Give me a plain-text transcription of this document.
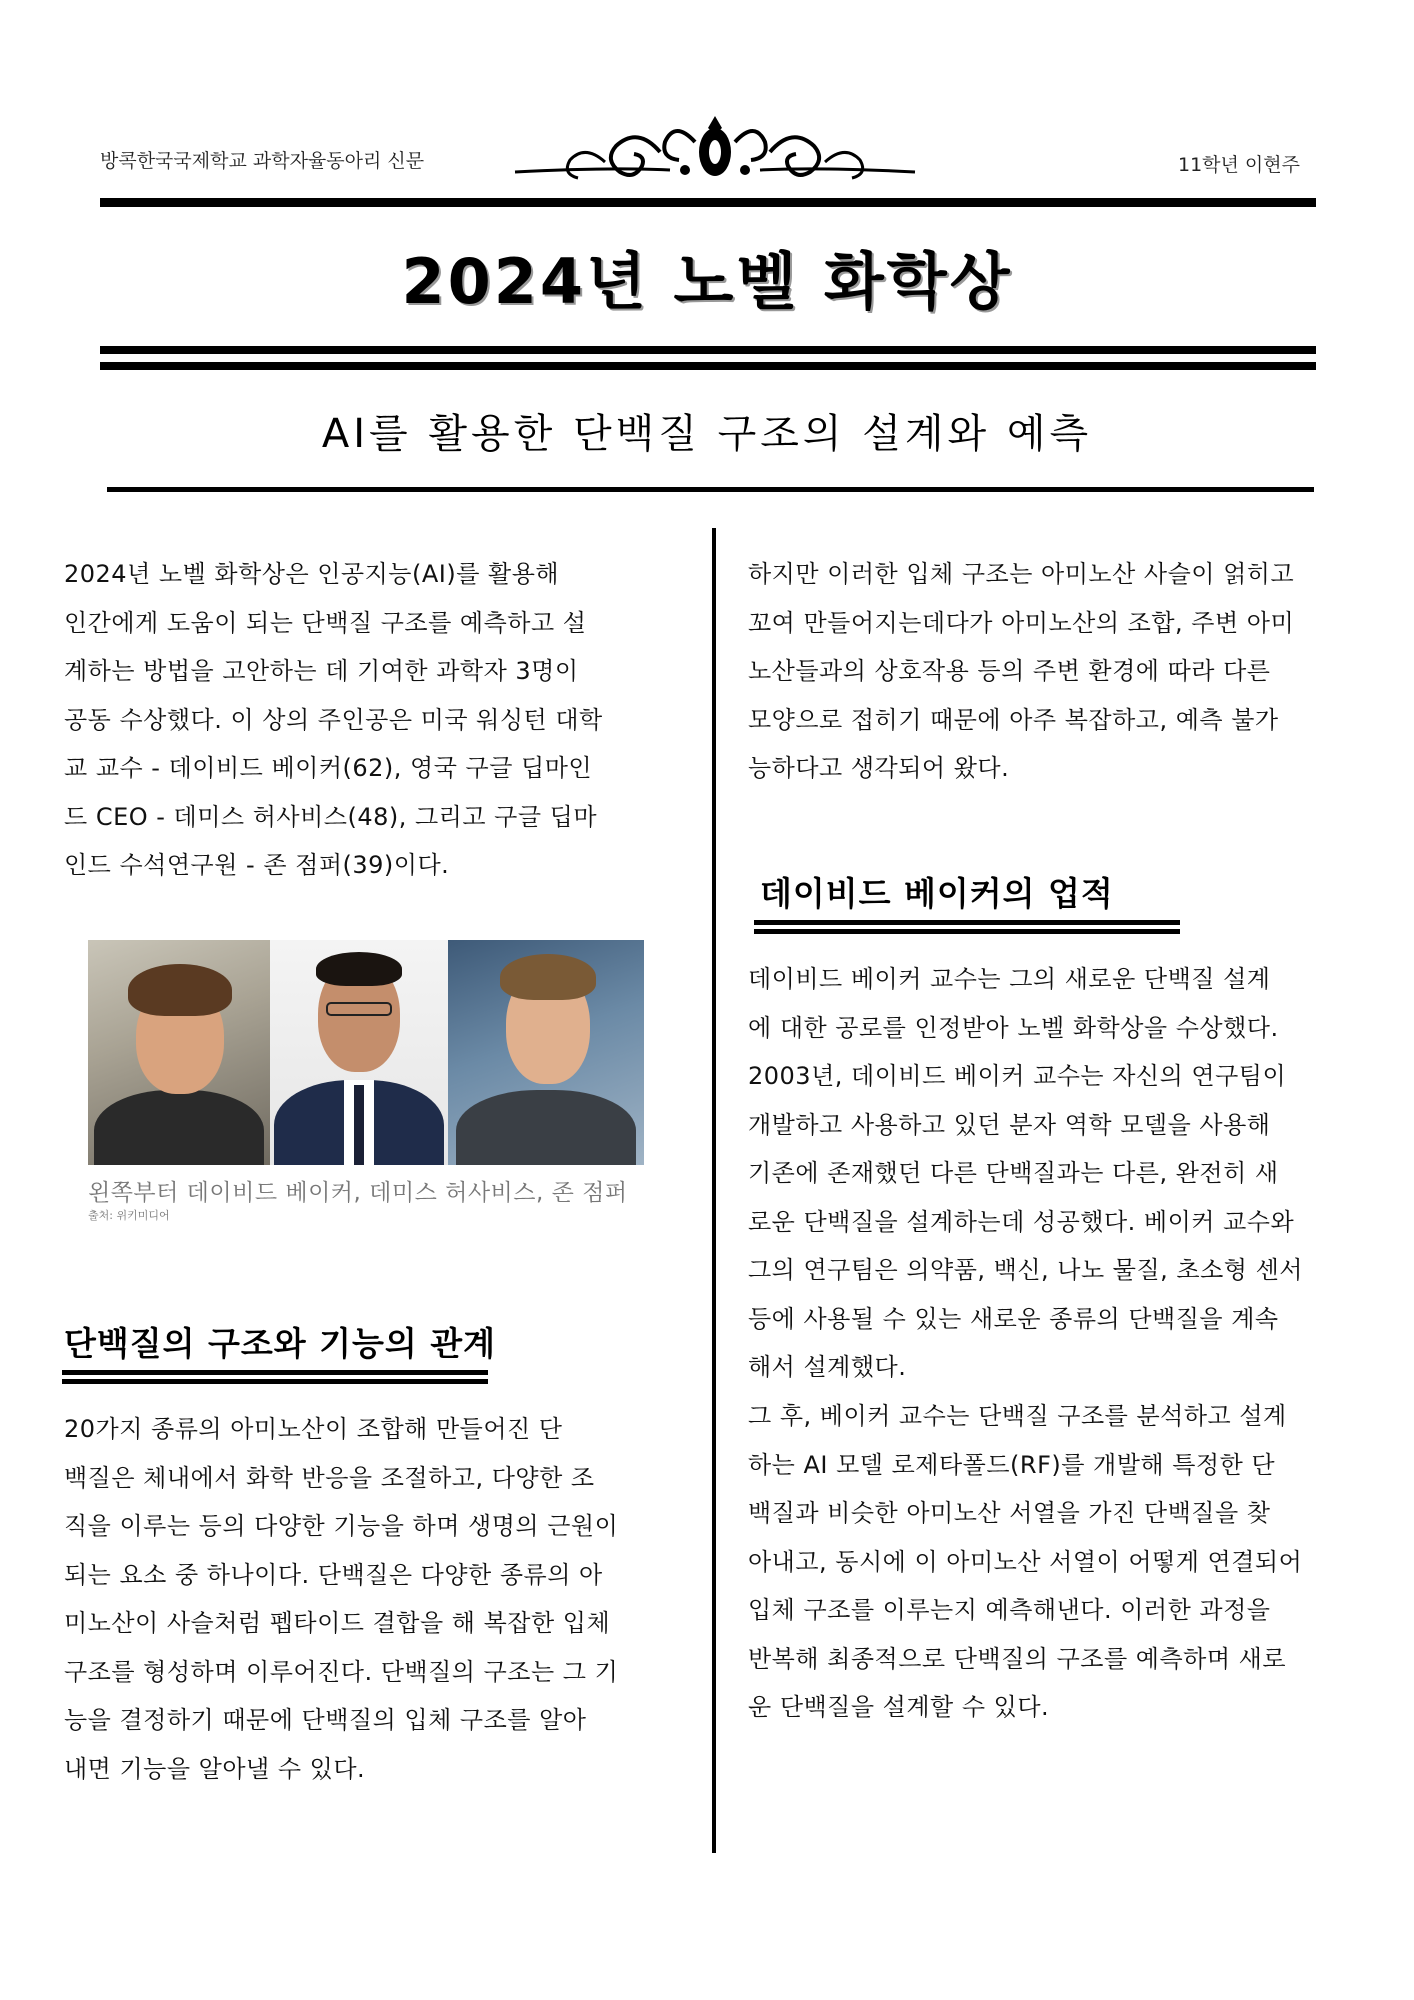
방콕한국국제학교 과학자율동아리 신문	11학년 이현주
2024년 노벨 화학상
AI를 활용한 단백질 구조의 설계와 예측

2024년 노벨 화학상은 인공지능(AI)를 활용해
인간에게 도움이 되는 단백질 구조를 예측하고 설
계하는 방법을 고안하는 데 기여한 과학자 3명이
공동 수상했다. 이 상의 주인공은 미국 워싱턴 대학
교 교수 - 데이비드 베이커(62), 영국 구글 딥마인
드 CEO - 데미스 허사비스(48), 그리고 구글 딥마
인드 수석연구원 - 존 점퍼(39)이다.

왼쪽부터 데이비드 베이커, 데미스 허사비스, 존 점퍼
출처: 위키미디어
단백질의 구조와 기능의 관계

20가지 종류의 아미노산이 조합해 만들어진 단
백질은 체내에서 화학 반응을 조절하고, 다양한 조
직을 이루는 등의 다양한 기능을 하며 생명의 근원이
되는 요소 중 하나이다. 단백질은 다양한 종류의 아
미노산이 사슬처럼 펩타이드 결합을 해 복잡한 입체
구조를 형성하며 이루어진다. 단백질의 구조는 그 기
능을 결정하기 때문에 단백질의 입체 구조를 알아
내면 기능을 알아낼 수 있다.

하지만 이러한 입체 구조는 아미노산 사슬이 얽히고
꼬여 만들어지는데다가 아미노산의 조합, 주변 아미
노산들과의 상호작용 등의 주변 환경에 따라 다른
모양으로 접히기 때문에 아주 복잡하고, 예측 불가
능하다고 생각되어 왔다.

데이비드 베이커의 업적

데이비드 베이커 교수는 그의 새로운 단백질 설계
에 대한 공로를 인정받아 노벨 화학상을 수상했다.
2003년, 데이비드 베이커 교수는 자신의 연구팀이
개발하고 사용하고 있던 분자 역학 모델을 사용해
기존에 존재했던 다른 단백질과는 다른, 완전히 새
로운 단백질을 설계하는데 성공했다. 베이커 교수와
그의 연구팀은 의약품, 백신, 나노 물질, 초소형 센서
등에 사용될 수 있는 새로운 종류의 단백질을 계속
해서 설계했다.

그 후, 베이커 교수는 단백질 구조를 분석하고 설계
하는 AI 모델 로제타폴드(RF)를 개발해 특정한 단
백질과 비슷한 아미노산 서열을 가진 단백질을 찾
아내고, 동시에 이 아미노산 서열이 어떻게 연결되어
입체 구조를 이루는지 예측해낸다. 이러한 과정을
반복해 최종적으로 단백질의 구조를 예측하며 새로
운 단백질을 설계할 수 있다.
